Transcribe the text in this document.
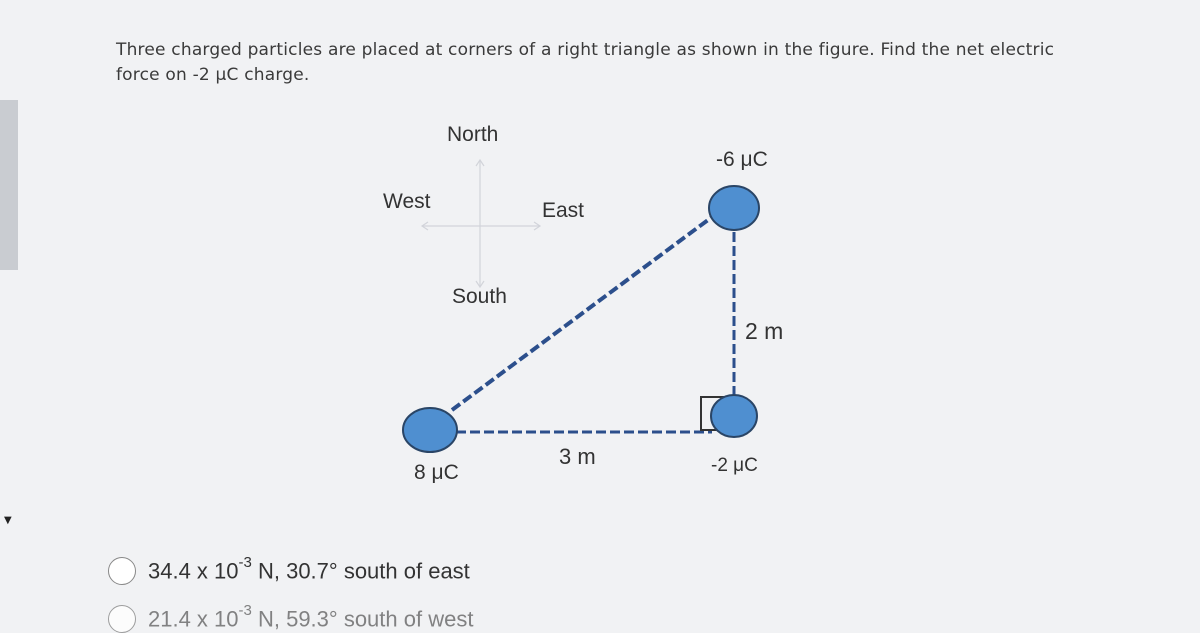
▼
Three charged particles are placed at corners of a right triangle as shown in the figure. Find the net electric
force on -2 μC charge.
North
West	East
South
-6 μC
-2 μC
8 μC
3 m
2 m
34.4 x $10^{-3}$ N, 30.7° south of east
21.4 x $10^{-3}$ N, 59.3° south of west
